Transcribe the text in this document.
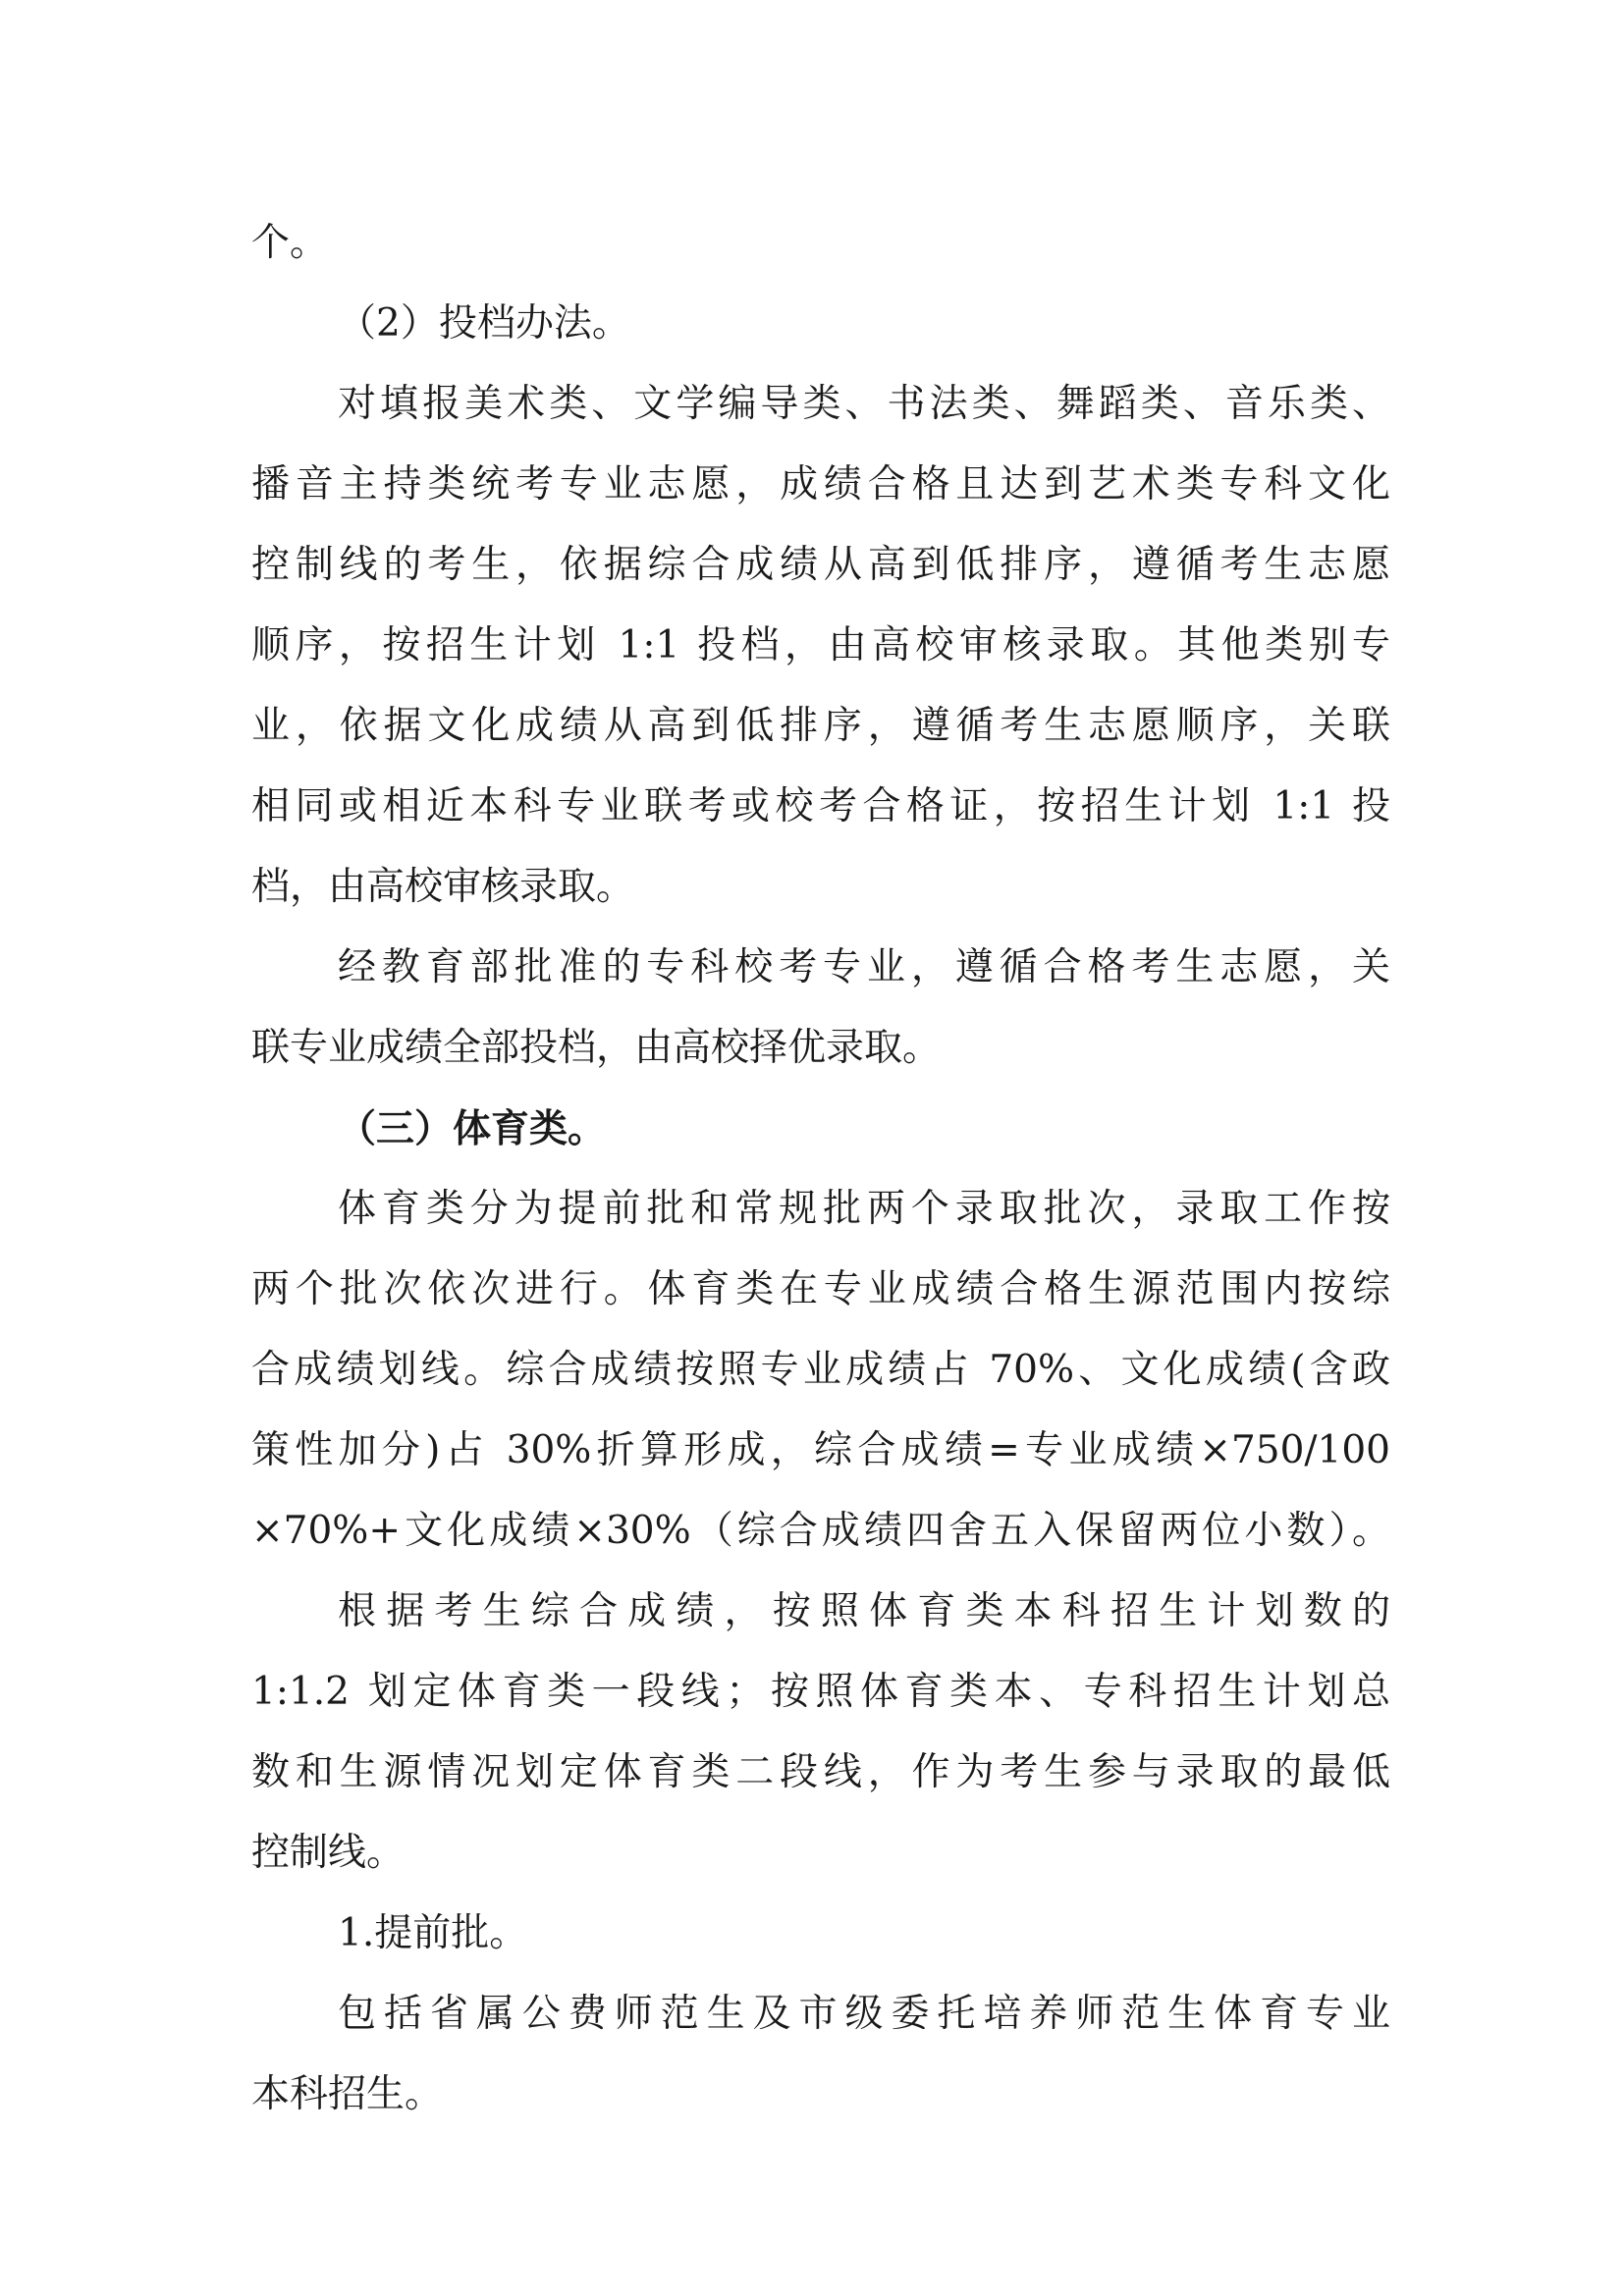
个。
（2）投档办法。
对填报美术类、文学编导类、书法类、舞蹈类、音乐类、
播音主持类统考专业志愿，成绩合格且达到艺术类专科文化
控制线的考生，依据综合成绩从高到低排序，遵循考生志愿
顺序，按招生计划 1:1 投档，由高校审核录取。其他类别专
业，依据文化成绩从高到低排序，遵循考生志愿顺序，关联
相同或相近本科专业联考或校考合格证，按招生计划 1:1 投
档，由高校审核录取。
经教育部批准的专科校考专业，遵循合格考生志愿，关
联专业成绩全部投档，由高校择优录取。
（三）体育类。
体育类分为提前批和常规批两个录取批次，录取工作按
两个批次依次进行。体育类在专业成绩合格生源范围内按综
合成绩划线。综合成绩按照专业成绩占 70%、文化成绩(含政
策性加分)占 30%折算形成，综合成绩=专业成绩×750/100
×70%+文化成绩×30%（综合成绩四舍五入保留两位小数）。
根据考生综合成绩，按照体育类本科招生计划数的
1:1.2 划定体育类一段线；按照体育类本、专科招生计划总
数和生源情况划定体育类二段线，作为考生参与录取的最低
控制线。
1.提前批。
包括省属公费师范生及市级委托培养师范生体育专业
本科招生。
